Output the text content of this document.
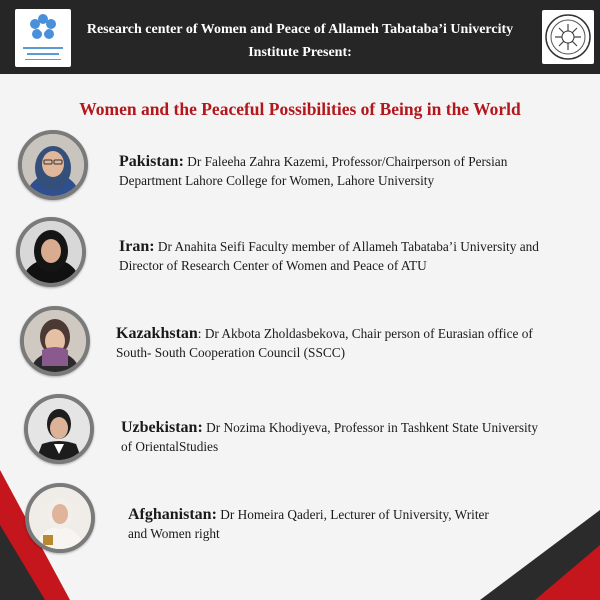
Research center of Women and Peace of Allameh Tabataba’i Univercity
Institute Present:
Women and the Peaceful Possibilities of Being in the World
Pakistan: Dr Faleeha Zahra Kazemi, Professor/Chairperson of Persian
Department Lahore College for Women, Lahore University
Iran: Dr Anahita Seifi Faculty member of Allameh Tabataba’i University and
Director of Research Center of Women and Peace of ATU
Kazakhstan: Dr Akbota Zholdasbekova, Chair person of Eurasian office of
South- South Cooperation Council (SSCC)
Uzbekistan: Dr Nozima Khodiyeva, Professor in Tashkent State University
of OrientalStudies
Afghanistan: Dr Homeira Qaderi, Lecturer of University, Writer
and Women right
